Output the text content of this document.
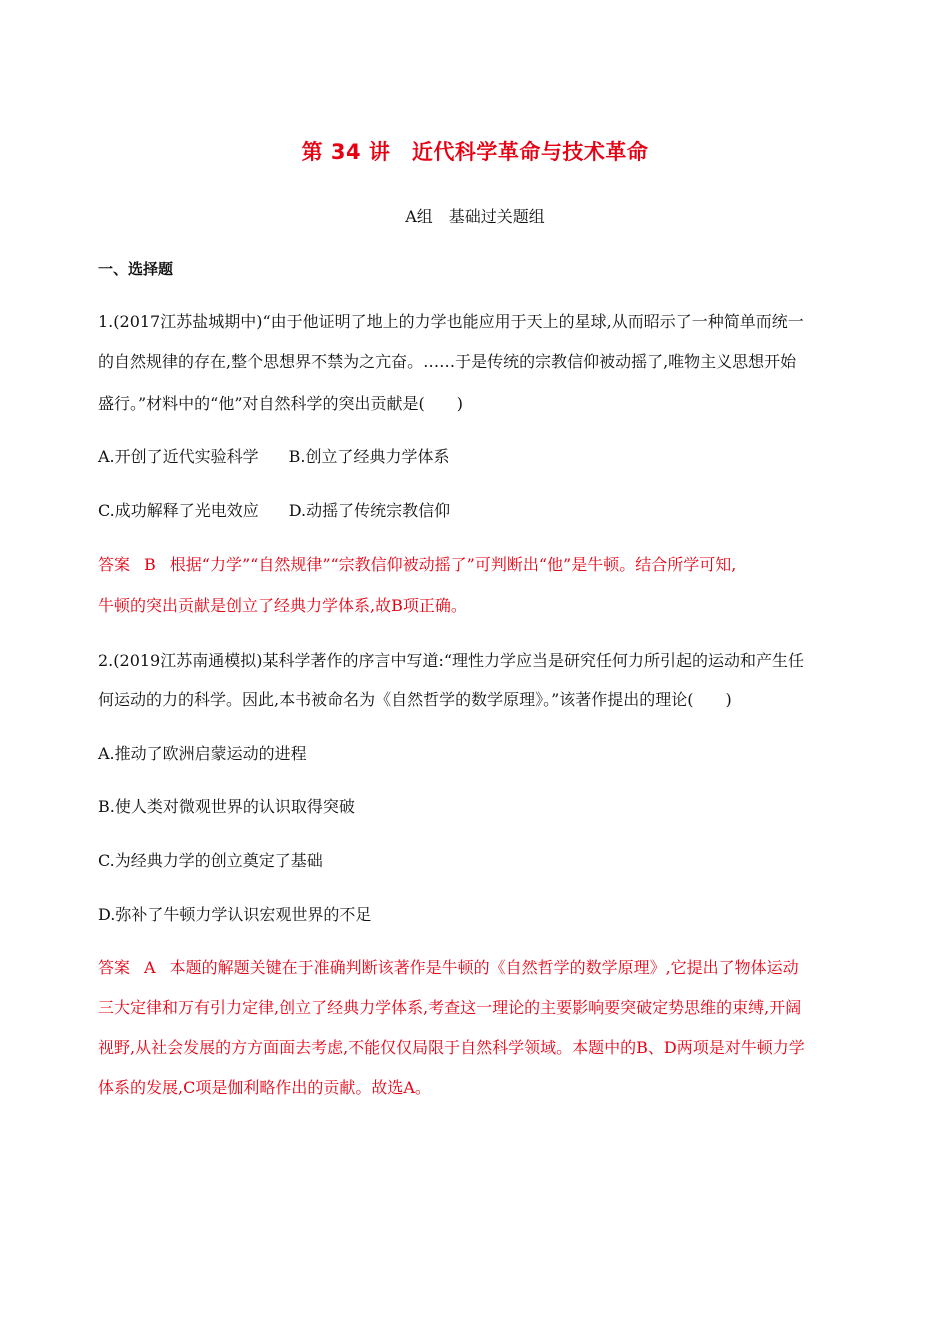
第 34 讲　近代科学革命与技术革命
A组　基础过关题组
一、选择题
1.(2017江苏盐城期中)“由于他证明了地上的力学也能应用于天上的星球,从而昭示了一种简单而统一
的自然规律的存在,整个思想界不禁为之亢奋。……于是传统的宗教信仰被动摇了,唯物主义思想开始
盛行。”材料中的“他”对自然科学的突出贡献是(　　)
A.开创了近代实验科学 B.创立了经典力学体系
C.成功解释了光电效应 D.动摇了传统宗教信仰
答案 B 根据“力学”“自然规律”“宗教信仰被动摇了”可判断出“他”是牛顿。结合所学可知,
牛顿的突出贡献是创立了经典力学体系,故B项正确。
2.(2019江苏南通模拟)某科学著作的序言中写道:“理性力学应当是研究任何力所引起的运动和产生任
何运动的力的科学。因此,本书被命名为《自然哲学的数学原理》。”该著作提出的理论(　　)
A.推动了欧洲启蒙运动的进程
B.使人类对微观世界的认识取得突破
C.为经典力学的创立奠定了基础
D.弥补了牛顿力学认识宏观世界的不足
答案 A 本题的解题关键在于准确判断该著作是牛顿的《自然哲学的数学原理》,它提出了物体运动
三大定律和万有引力定律,创立了经典力学体系,考查这一理论的主要影响要突破定势思维的束缚,开阔
视野,从社会发展的方方面面去考虑,不能仅仅局限于自然科学领域。本题中的B、D两项是对牛顿力学
体系的发展,C项是伽利略作出的贡献。故选A。
